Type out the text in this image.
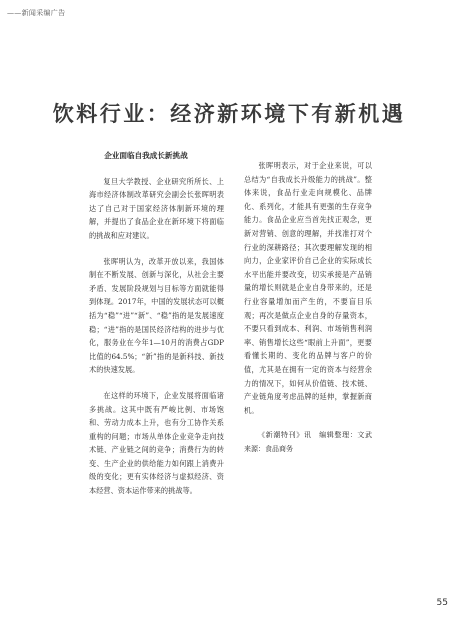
——新闻采编广告
饮料行业：经济新环境下有新机遇

企业面临自我成长新挑战

复旦大学教授、企业研究所所长、上海市经济体制改革研究会副会长张晖明表达了自己对于国家经济体制新环境的理解，并提出了食品企业在新环境下将面临的挑战和应对建议。

张晖明认为，改革开放以来，我国体制在不断发展、创新与深化，从社会主要矛盾、发展阶段规划与目标等方面就能得到体现。2017年，中国的发展状态可以概括为“稳”“进”“新”、“稳”指的是发展速度稳；“进”指的是国民经济结构的进步与优化，服务业在今年1—10月的消费占GDP比值的64.5%；“新”指的是新科技、新技术的快速发展。

在这样的环境下，企业发展将面临诸多挑战。这其中既有严峻比例、市场饱和、劳动力成本上升，也有分工协作关系重构的问题；市场从单体企业竞争走向技术链、产业链之间的竞争；消费行为的转变、生产企业的供给能力如何跟上消费升级的变化；更有实体经济与虚拟经济、资本经营、资本运作带来的挑战等。

张晖明表示，对于企业来说，可以总结为“自我成长升级能力的挑战”。整体来说，食品行业走向规模化、品牌化、系列化，才能具有更强的生存竞争能力。食品企业应当首先找正观念，更新对营销、创意的理解，并找准打对个行业的深耕路径；其次要理解发现的相向力，企业家评价自己企业的实际成长水平出能并要改变，切实承接是产品销量的增长则就是企业自身带来的，还是行业容量增加而产生的，不要盲目乐观；再次是做点企业自身的存量资本，不要只看到成本、利润、市场销售利润率、销售增长这些“眼前上升面”，更要看懂长期的、变化的品牌与客户的价值，尤其是在拥有一定的资本与经营余力的情况下，如何从价值链、技术链、产业链角度考虑品牌的延伸，掌握新商机。

《新潮特刊》讯　编辑整理：文武　来源：食品商务

55
